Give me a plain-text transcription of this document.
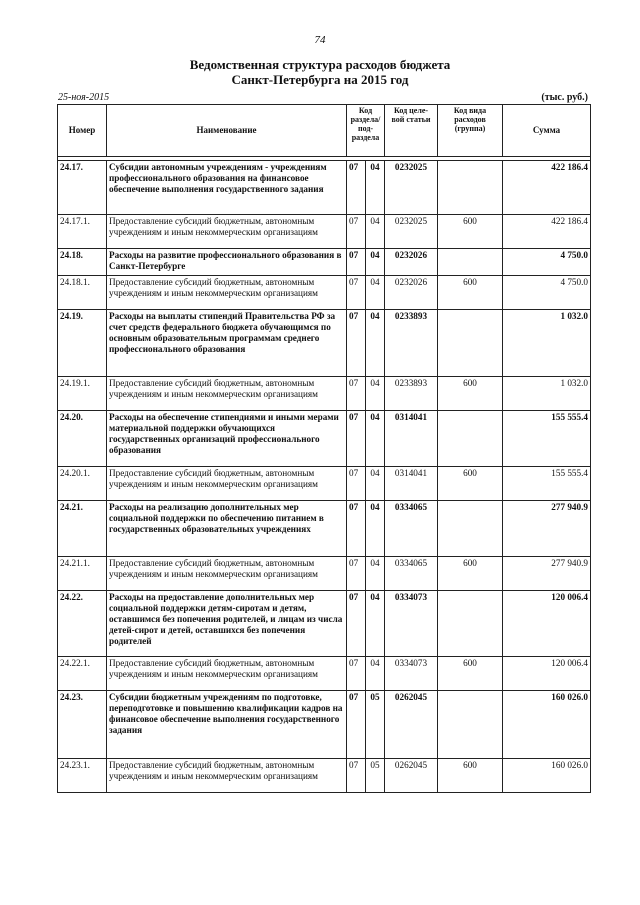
74
Ведомственная структура расходов бюджета
Санкт-Петербурга на 2015 год
25-ноя-2015	(тыс. руб.)
Номер	Наименование	Код раздела/ под- раздела		Код целе- вой статьи	Код вида расходов (группа)	Сумма

24.17.	Субсидии автономным учреждениям - учреждениям профессионального образования на финансовое обеспечение выполнения государственного задания	07	04	0232025		422 186.4
24.17.1.	Предоставление субсидий бюджетным, автономным учреждениям и иным некоммерческим организациям	07	04	0232025	600	422 186.4
24.18.	Расходы на развитие профессионального образования в Санкт-Петербурге	07	04	0232026		4 750.0
24.18.1.	Предоставление субсидий бюджетным, автономным учреждениям и иным некоммерческим организациям	07	04	0232026	600	4 750.0
24.19.	Расходы на выплаты стипендий Правительства РФ за счет средств федерального бюджета обучающимся по основным образовательным программам среднего профессионального образования	07	04	0233893		1 032.0
24.19.1.	Предоставление субсидий бюджетным, автономным учреждениям и иным некоммерческим организациям	07	04	0233893	600	1 032.0
24.20.	Расходы на обеспечение стипендиями и иными мерами материальной поддержки обучающихся государственных организаций профессионального образования	07	04	0314041		155 555.4
24.20.1.	Предоставление субсидий бюджетным, автономным учреждениям и иным некоммерческим организациям	07	04	0314041	600	155 555.4
24.21.	Расходы на реализацию дополнительных мер социальной поддержки по обеспечению питанием в государственных образовательных учреждениях	07	04	0334065		277 940.9
24.21.1.	Предоставление субсидий бюджетным, автономным учреждениям и иным некоммерческим организациям	07	04	0334065	600	277 940.9
24.22.	Расходы на предоставление дополнительных мер социальной поддержки детям-сиротам и детям, оставшимся без попечения родителей, и лицам из числа детей-сирот и детей, оставшихся без попечения родителей	07	04	0334073		120 006.4
24.22.1.	Предоставление субсидий бюджетным, автономным учреждениям и иным некоммерческим организациям	07	04	0334073	600	120 006.4
24.23.	Субсидии бюджетным учреждениям по подготовке, переподготовке и повышению квалификации кадров на финансовое обеспечение выполнения государственного задания	07	05	0262045		160 026.0
24.23.1.	Предоставление субсидий бюджетным, автономным учреждениям и иным некоммерческим организациям	07	05	0262045	600	160 026.0
